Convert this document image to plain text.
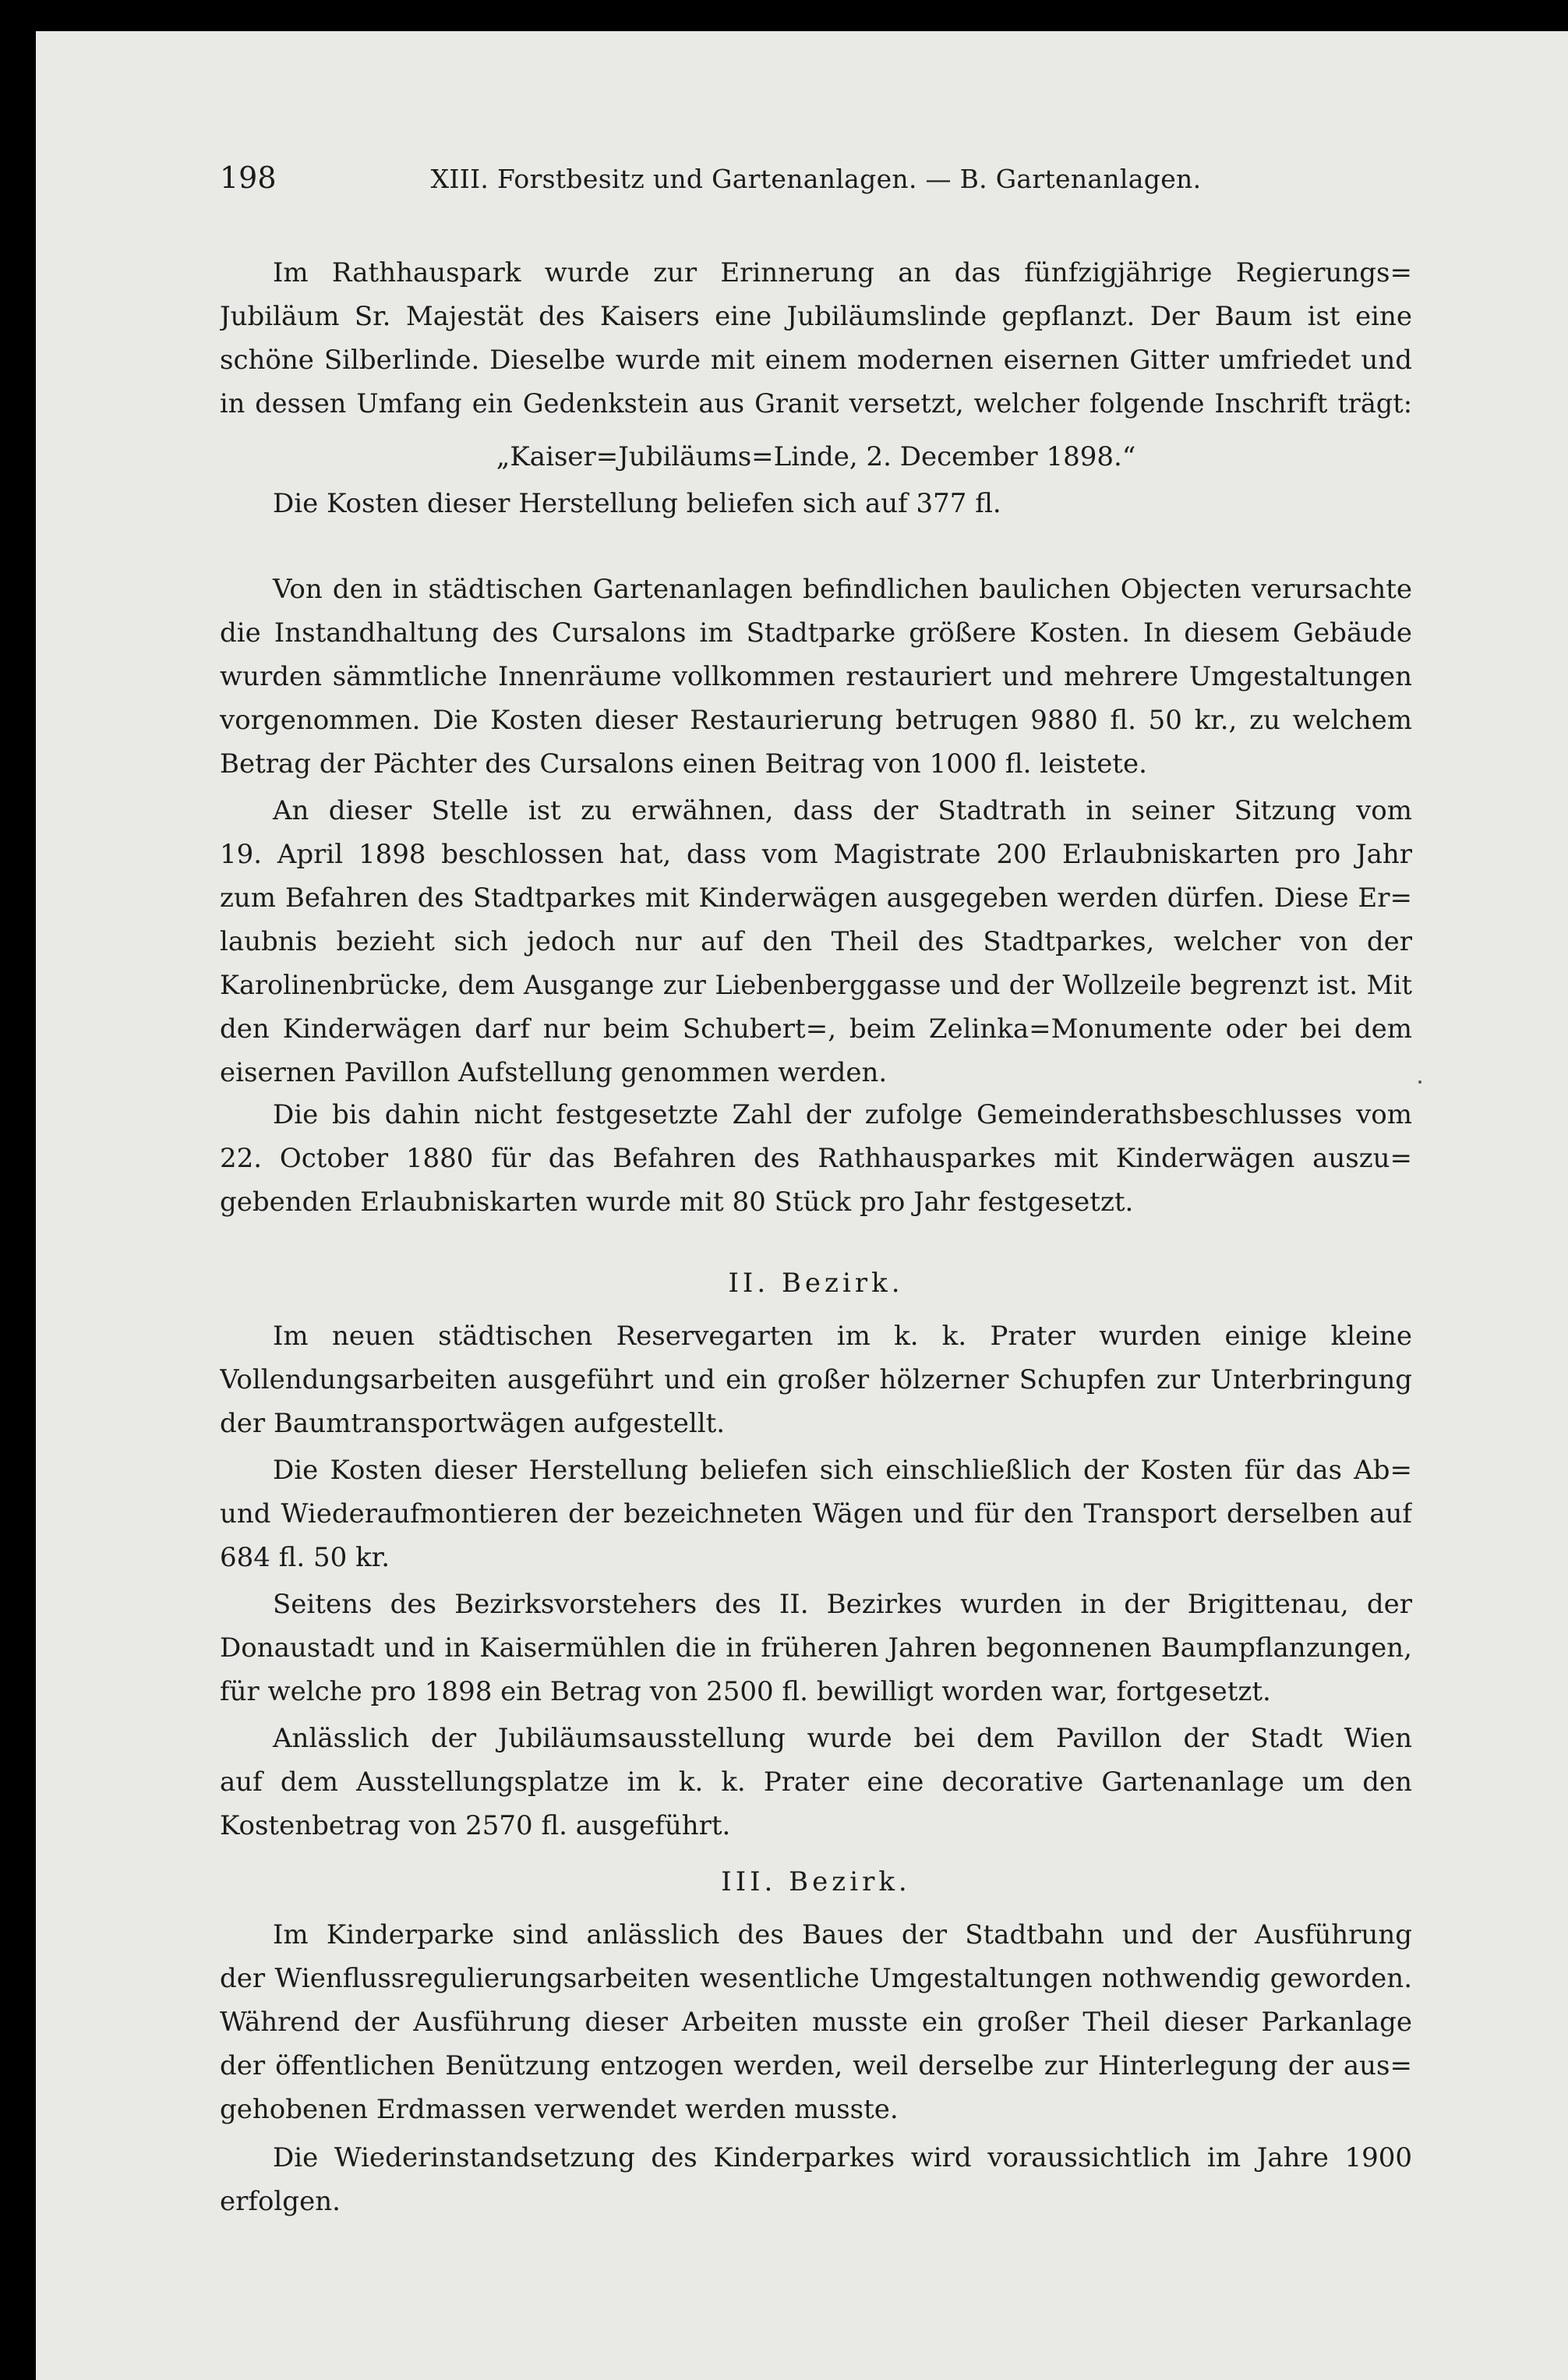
198	XIII. Forstbesitz und Gartenanlagen. — B. Gartenanlagen.
Im Rathhauspark wurde zur Erinnerung an das fünfzigjährige Regierungs=
Jubiläum Sr. Majestät des Kaisers eine Jubiläumslinde gepflanzt. Der Baum ist eine
schöne Silberlinde. Dieselbe wurde mit einem modernen eisernen Gitter umfriedet und
in dessen Umfang ein Gedenkstein aus Granit versetzt, welcher folgende Inschrift trägt:
„Kaiser=Jubiläums=Linde, 2. December 1898.“
Die Kosten dieser Herstellung beliefen sich auf 377 fl.
Von den in städtischen Gartenanlagen befindlichen baulichen Objecten verursachte
die Instandhaltung des Cursalons im Stadtparke größere Kosten. In diesem Gebäude
wurden sämmtliche Innenräume vollkommen restauriert und mehrere Umgestaltungen
vorgenommen. Die Kosten dieser Restaurierung betrugen 9880 fl. 50 kr., zu welchem
Betrag der Pächter des Cursalons einen Beitrag von 1000 fl. leistete.
An dieser Stelle ist zu erwähnen, dass der Stadtrath in seiner Sitzung vom
19. April 1898 beschlossen hat, dass vom Magistrate 200 Erlaubniskarten pro Jahr
zum Befahren des Stadtparkes mit Kinderwägen ausgegeben werden dürfen. Diese Er=
laubnis bezieht sich jedoch nur auf den Theil des Stadtparkes, welcher von der
Karolinenbrücke, dem Ausgange zur Liebenberggasse und der Wollzeile begrenzt ist. Mit
den Kinderwägen darf nur beim Schubert=, beim Zelinka=Monumente oder bei dem
eisernen Pavillon Aufstellung genommen werden.
Die bis dahin nicht festgesetzte Zahl der zufolge Gemeinderathsbeschlusses vom
22. October 1880 für das Befahren des Rathhausparkes mit Kinderwägen auszu=
gebenden Erlaubniskarten wurde mit 80 Stück pro Jahr festgesetzt.
II. Bezirk.
Im neuen städtischen Reservegarten im k. k. Prater wurden einige kleine
Vollendungsarbeiten ausgeführt und ein großer hölzerner Schupfen zur Unterbringung
der Baumtransportwägen aufgestellt.
Die Kosten dieser Herstellung beliefen sich einschließlich der Kosten für das Ab=
und Wiederaufmontieren der bezeichneten Wägen und für den Transport derselben auf
684 fl. 50 kr.
Seitens des Bezirksvorstehers des II. Bezirkes wurden in der Brigittenau, der
Donaustadt und in Kaisermühlen die in früheren Jahren begonnenen Baumpflanzungen,
für welche pro 1898 ein Betrag von 2500 fl. bewilligt worden war, fortgesetzt.
Anlässlich der Jubiläumsausstellung wurde bei dem Pavillon der Stadt Wien
auf dem Ausstellungsplatze im k. k. Prater eine decorative Gartenanlage um den
Kostenbetrag von 2570 fl. ausgeführt.
III. Bezirk.
Im Kinderparke sind anlässlich des Baues der Stadtbahn und der Ausführung
der Wienflussregulierungsarbeiten wesentliche Umgestaltungen nothwendig geworden.
Während der Ausführung dieser Arbeiten musste ein großer Theil dieser Parkanlage
der öffentlichen Benützung entzogen werden, weil derselbe zur Hinterlegung der aus=
gehobenen Erdmassen verwendet werden musste.
Die Wiederinstandsetzung des Kinderparkes wird voraussichtlich im Jahre 1900
erfolgen.
